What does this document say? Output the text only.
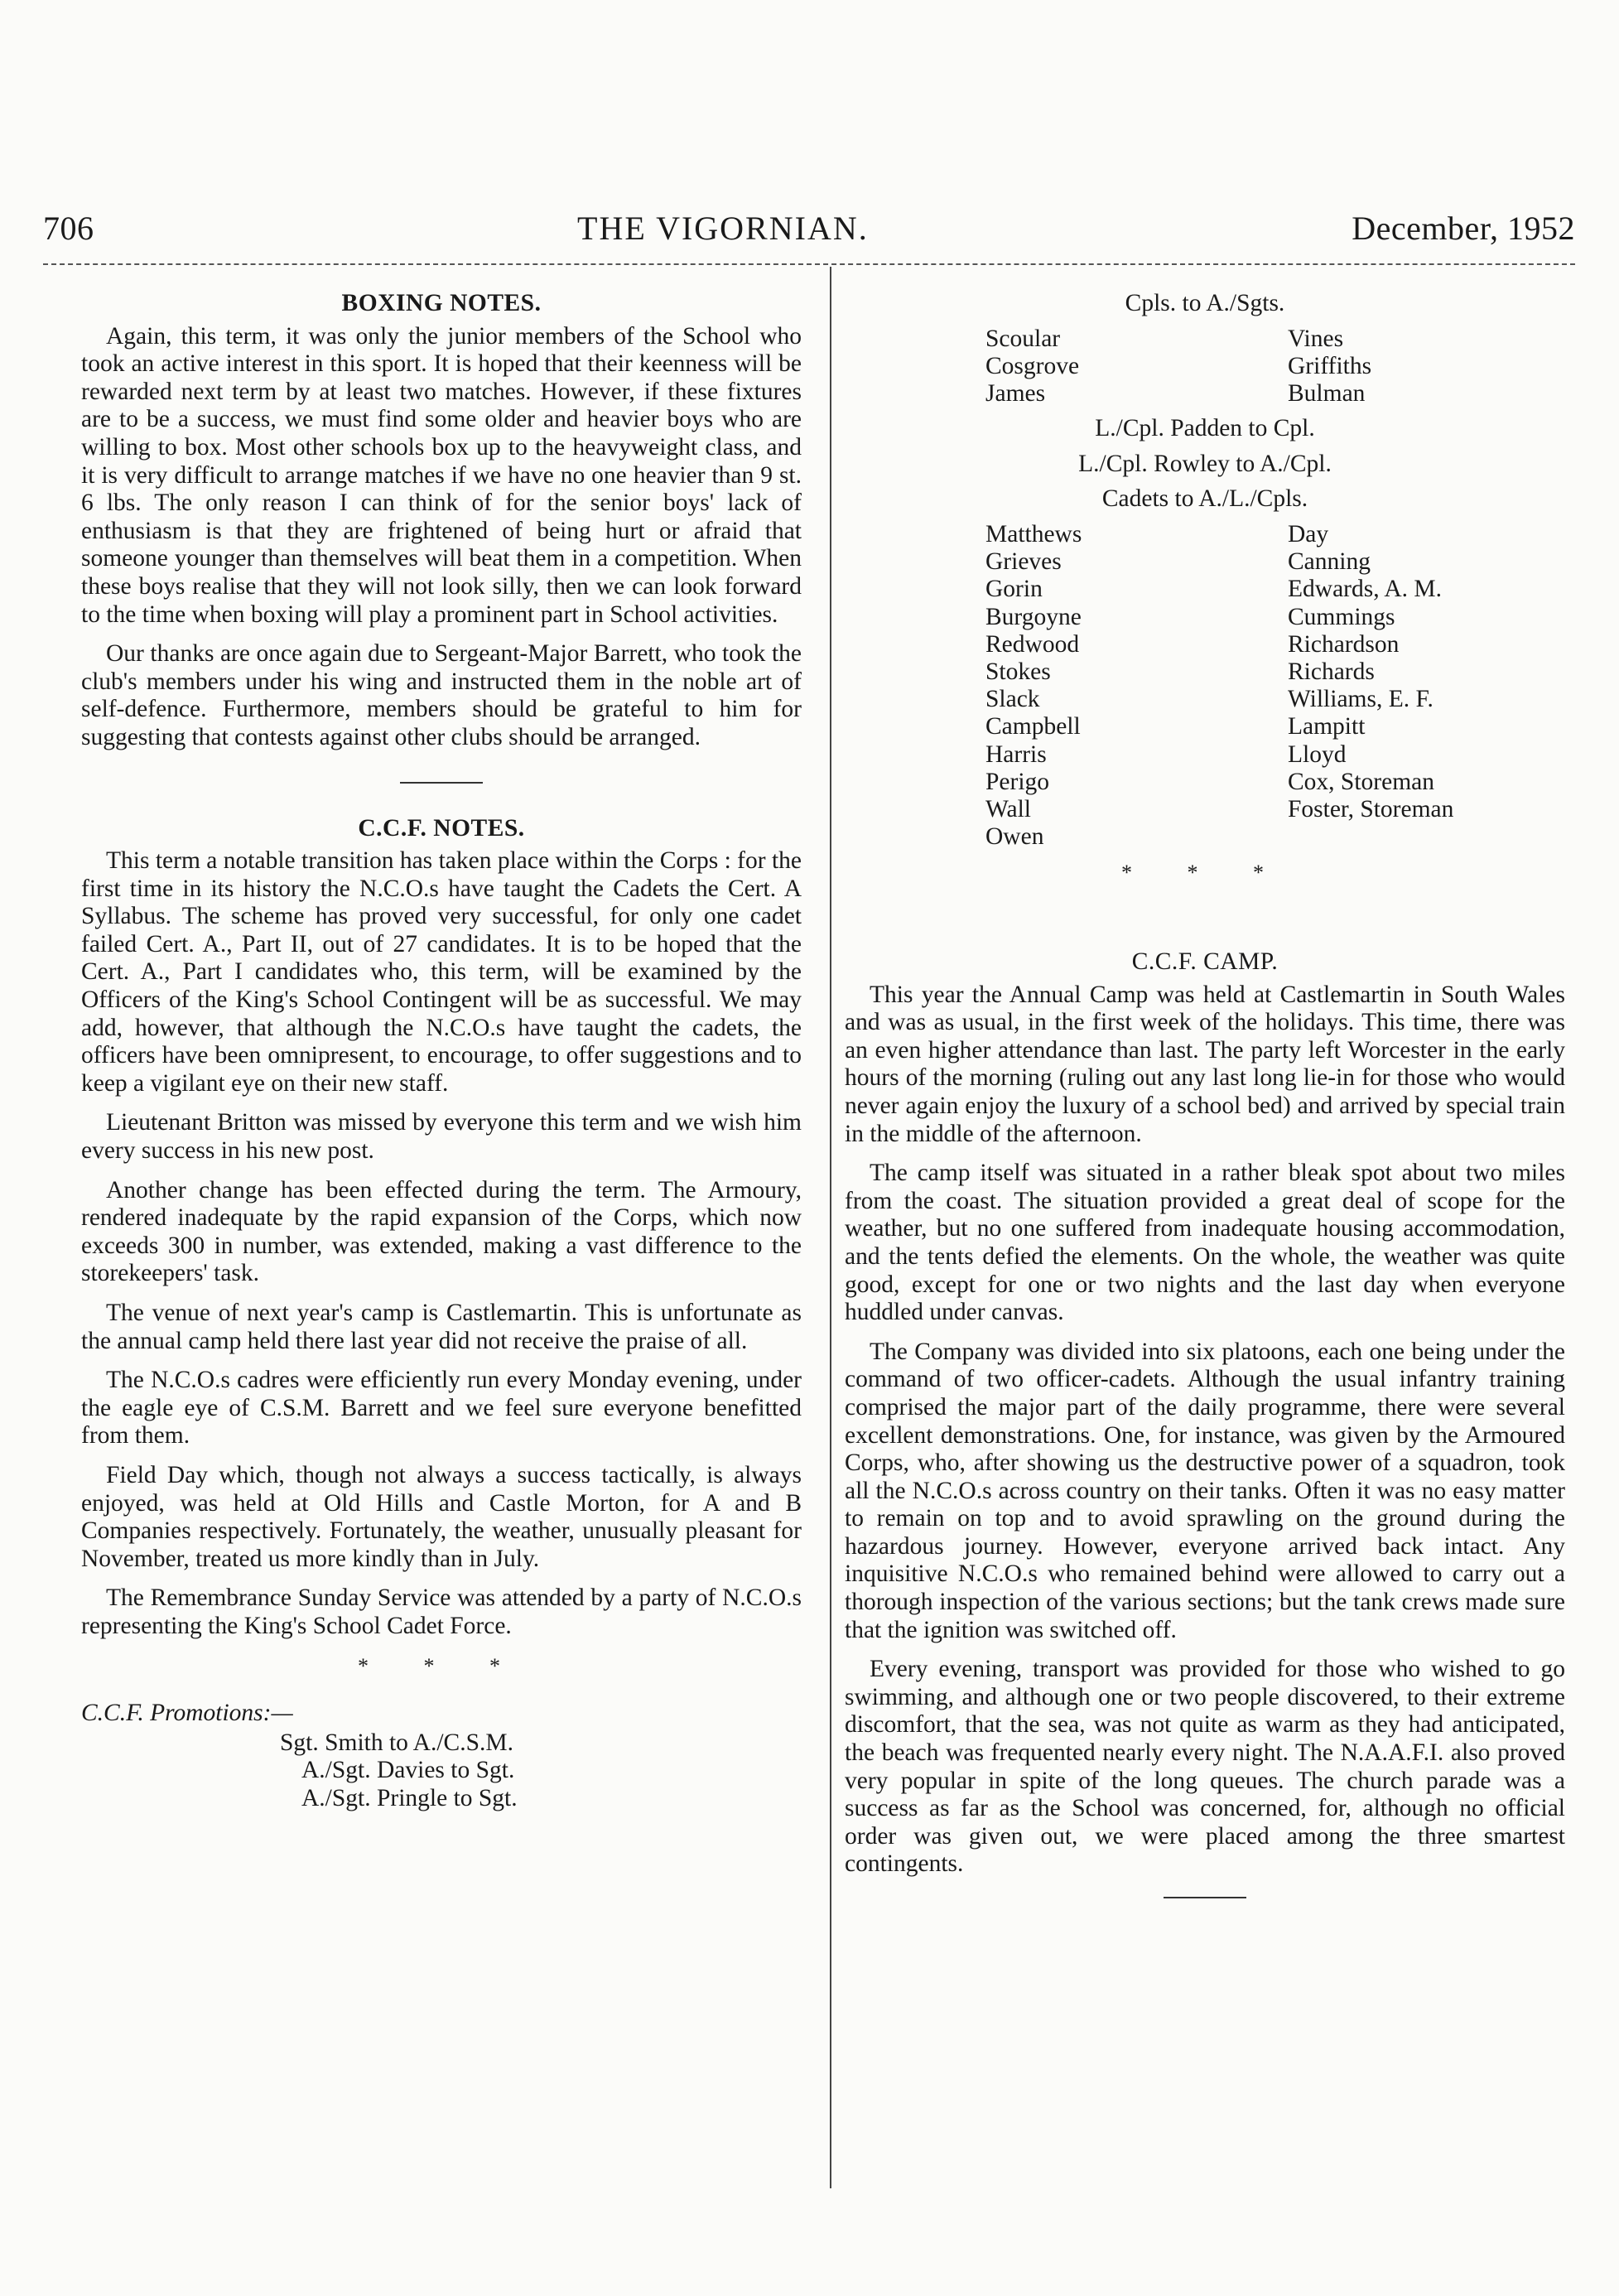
706	THE VIGORNIAN.	December, 1952
BOXING NOTES.

Again, this term, it was only the junior members of the School who took an active interest in this sport. It is hoped that their keenness will be rewarded next term by at least two matches. However, if these fixtures are to be a success, we must find some older and heavier boys who are willing to box. Most other schools box up to the heavyweight class, and it is very difficult to arrange matches if we have no one heavier than 9 st. 6 lbs. The only reason I can think of for the senior boys' lack of enthusiasm is that they are frightened of being hurt or afraid that someone younger than themselves will beat them in a competition. When these boys realise that they will not look silly, then we can look forward to the time when boxing will play a prominent part in School activities.

Our thanks are once again due to Sergeant-Major Barrett, who took the club's members under his wing and instructed them in the noble art of self-defence. Furthermore, members should be grateful to him for suggesting that contests against other clubs should be arranged.

C.C.F. NOTES.

This term a notable transition has taken place within the Corps : for the first time in its history the N.C.O.s have taught the Cadets the Cert. A Syllabus. The scheme has proved very successful, for only one cadet failed Cert. A., Part II, out of 27 candidates. It is to be hoped that the Cert. A., Part I candidates who, this term, will be examined by the Officers of the King's School Contingent will be as successful. We may add, however, that although the N.C.O.s have taught the cadets, the officers have been omnipresent, to encourage, to offer suggestions and to keep a vigilant eye on their new staff.

Lieutenant Britton was missed by everyone this term and we wish him every success in his new post.

Another change has been effected during the term. The Armoury, rendered inadequate by the rapid expansion of the Corps, which now exceeds 300 in number, was extended, making a vast difference to the storekeepers' task.

The venue of next year's camp is Castlemartin. This is unfortunate as the annual camp held there last year did not receive the praise of all.

The N.C.O.s cadres were efficiently run every Monday evening, under the eagle eye of C.S.M. Barrett and we feel sure everyone benefitted from them.

Field Day which, though not always a success tactically, is always enjoyed, was held at Old Hills and Castle Morton, for A and B Companies respectively. Fortunately, the weather, unusually pleasant for November, treated us more kindly than in July.

The Remembrance Sunday Service was attended by a party of N.C.O.s representing the King's School Cadet Force.

* * *
C.C.F. Promotions:—
Sgt. Smith to A./C.S.M.
A./Sgt. Davies to Sgt.
A./Sgt. Pringle to Sgt.
Cpls. to A./Sgts.
Scoular	Vines
Cosgrove	Griffiths
James	Bulman
L./Cpl. Padden to Cpl.
L./Cpl. Rowley to A./Cpl.
Cadets to A./L./Cpls.
Matthews	Day
Grieves	Canning
Gorin	Edwards, A. M.
Burgoyne	Cummings
Redwood	Richardson
Stokes	Richards
Slack	Williams, E. F.
Campbell	Lampitt
Harris	Lloyd
Perigo	Cox, Storeman
Wall	Foster, Storeman
Owen
* * *
C.C.F. CAMP.

This year the Annual Camp was held at Castlemartin in South Wales and was as usual, in the first week of the holidays. This time, there was an even higher attendance than last. The party left Worcester in the early hours of the morning (ruling out any last long lie-in for those who would never again enjoy the luxury of a school bed) and arrived by special train in the middle of the afternoon.

The camp itself was situated in a rather bleak spot about two miles from the coast. The situation provided a great deal of scope for the weather, but no one suffered from inadequate housing accommodation, and the tents defied the elements. On the whole, the weather was quite good, except for one or two nights and the last day when everyone huddled under canvas.

The Company was divided into six platoons, each one being under the command of two officer-cadets. Although the usual infantry training comprised the major part of the daily programme, there were several excellent demonstrations. One, for instance, was given by the Armoured Corps, who, after showing us the destructive power of a squadron, took all the N.C.O.s across country on their tanks. Often it was no easy matter to remain on top and to avoid sprawling on the ground during the hazardous journey. However, everyone arrived back intact. Any inquisitive N.C.O.s who remained behind were allowed to carry out a thorough inspection of the various sections; but the tank crews made sure that the ignition was switched off.

Every evening, transport was provided for those who wished to go swimming, and although one or two people discovered, to their extreme discomfort, that the sea, was not quite as warm as they had anticipated, the beach was frequented nearly every night. The N.A.A.F.I. also proved very popular in spite of the long queues. The church parade was a success as far as the School was concerned, for, although no official order was given out, we were placed among the three smartest contingents.
